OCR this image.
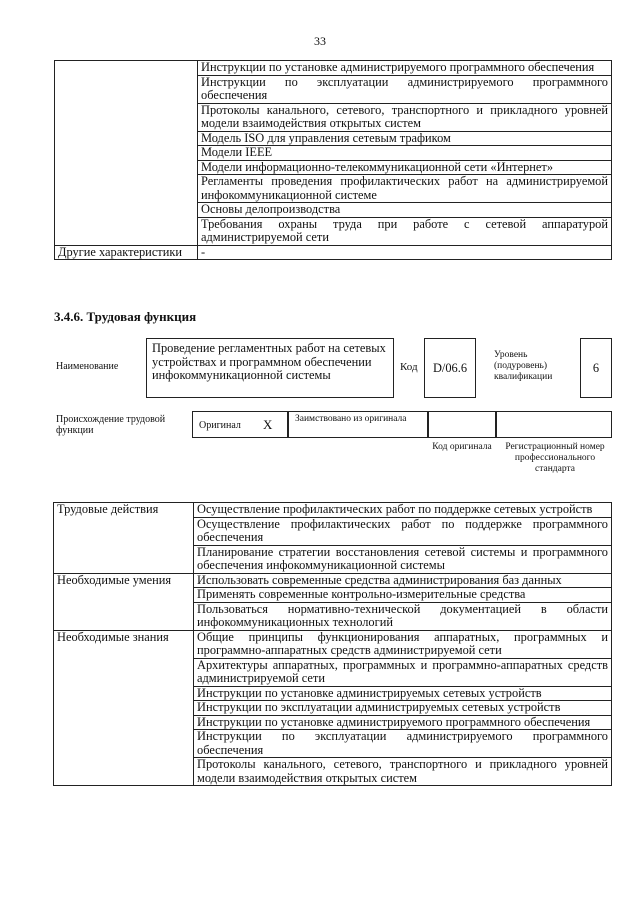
33
	Инструкции по установке администрируемого программного обеспечения
	Инструкции по эксплуатации администрируемого программного обеспечения
	Протоколы канального, сетевого, транспортного и прикладного уровней модели взаимодействия открытых систем
	Модель ISO для управления сетевым трафиком
	Модели IEEE
	Модели информационно-телекоммуникационной сети «Интернет»
	Регламенты проведения профилактических работ на администрируемой инфокоммуникационной системе
	Основы делопроизводства
	Требования охраны труда при работе с сетевой аппаратурой администрируемой сети
Другие характеристики	-
3.4.6. Трудовая функция
Наименование
Проведение регламентных работ на сетевых устройствах и программном обеспечении инфокоммуникационной системы
Код	D/06.6
Уровень (подуровень) квалификации
6
Происхождение трудовой функции	Оригинал X Заимствовано из оригинала
Код оригинала	Регистрационный номер профессионального стандарта
Трудовые действия	Осуществление профилактических работ по поддержке сетевых устройств
	Осуществление профилактических работ по поддержке программного обеспечения
	Планирование стратегии восстановления сетевой системы и программного обеспечения инфокоммуникационной системы
Необходимые умения	Использовать современные средства администрирования баз данных
	Применять современные контрольно-измерительные средства
	Пользоваться нормативно-технической документацией в области инфокоммуникационных технологий
Необходимые знания	Общие принципы функционирования аппаратных, программных и программно-аппаратных средств администрируемой сети
	Архитектуры аппаратных, программных и программно-аппаратных средств администрируемой сети
	Инструкции по установке администрируемых сетевых устройств
	Инструкции по эксплуатации администрируемых сетевых устройств
	Инструкции по установке администрируемого программного обеспечения
	Инструкции по эксплуатации администрируемого программного обеспечения
	Протоколы канального, сетевого, транспортного и прикладного уровней модели взаимодействия открытых систем
